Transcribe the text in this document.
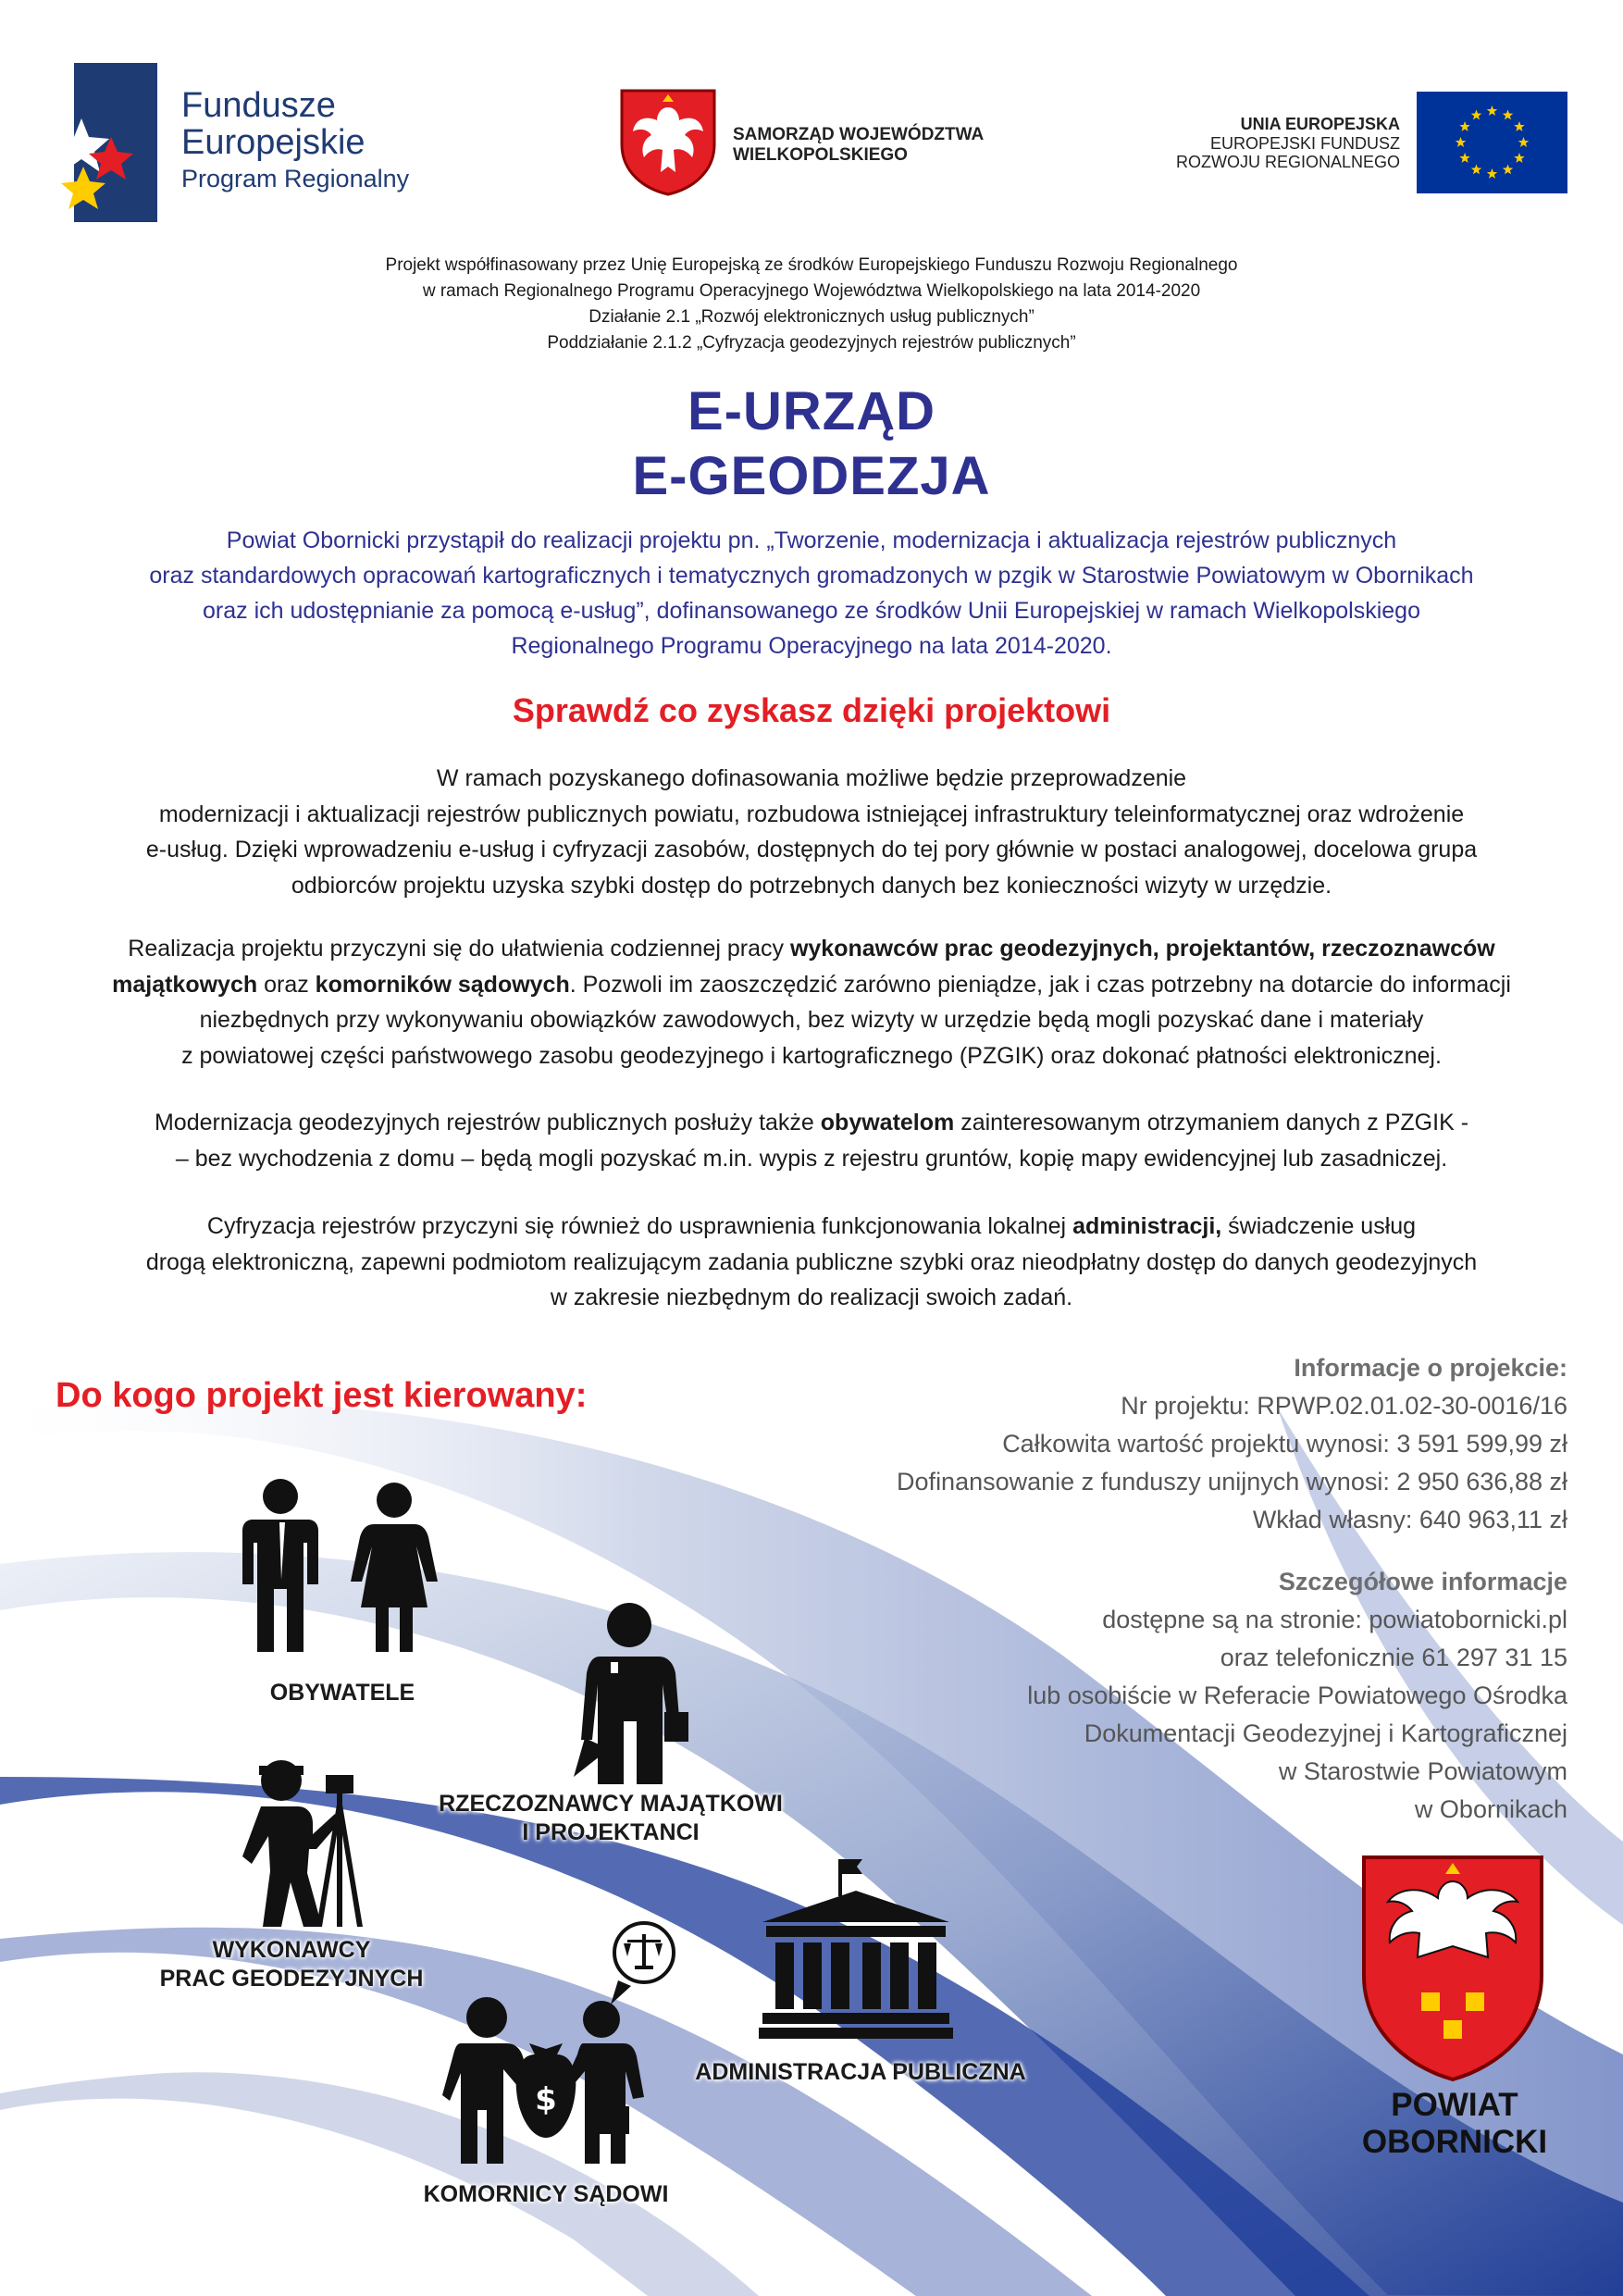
Fundusze
Europejskie
Program Regionalny
SAMORZĄD WOJEWÓDZTWA
WIELKOPOLSKIEGO
UNIA EUROPEJSKA
EUROPEJSKI FUNDUSZ
ROZWOJU REGIONALNEGO
Projekt współfinasowany przez Unię Europejską ze środków Europejskiego Funduszu Rozwoju Regionalnego
w ramach Regionalnego Programu Operacyjnego Województwa Wielkopolskiego na lata 2014-2020
Działanie 2.1 „Rozwój elektronicznych usług publicznych”
Poddziałanie 2.1.2 „Cyfryzacja geodezyjnych rejestrów publicznych”
E-URZĄD
E-GEODEZJA
Powiat Obornicki przystąpił do realizacji projektu pn. „Tworzenie, modernizacja i aktualizacja rejestrów publicznych
oraz standardowych opracowań kartograficznych i tematycznych gromadzonych w pzgik w Starostwie Powiatowym w Obornikach
oraz ich udostępnianie za pomocą e-usług”, dofinansowanego ze środków Unii Europejskiej w ramach Wielkopolskiego
Regionalnego Programu Operacyjnego na lata 2014-2020.
Sprawdź co zyskasz dzięki projektowi
W ramach pozyskanego dofinasowania możliwe będzie przeprowadzenie
modernizacji i aktualizacji rejestrów publicznych powiatu, rozbudowa istniejącej infrastruktury teleinformatycznej oraz wdrożenie
e-usług. Dzięki wprowadzeniu e-usług i cyfryzacji zasobów, dostępnych do tej pory głównie w postaci analogowej, docelowa grupa
odbiorców projektu uzyska szybki dostęp do potrzebnych danych bez konieczności wizyty w urzędzie.
Realizacja projektu przyczyni się do ułatwienia codziennej pracy wykonawców prac geodezyjnych, projektantów, rzeczoznawców
majątkowych oraz komorników sądowych. Pozwoli im zaoszczędzić zarówno pieniądze, jak i czas potrzebny na dotarcie do informacji
niezbędnych przy wykonywaniu obowiązków zawodowych, bez wizyty w urzędzie będą mogli pozyskać dane i materiały
z powiatowej części państwowego zasobu geodezyjnego i kartograficznego (PZGIK) oraz dokonać płatności elektronicznej.
Modernizacja geodezyjnych rejestrów publicznych posłuży także obywatelom zainteresowanym otrzymaniem danych z PZGIK -
– bez wychodzenia z domu – będą mogli pozyskać m.in. wypis z rejestru gruntów, kopię mapy ewidencyjnej lub zasadniczej.
Cyfryzacja rejestrów przyczyni się również do usprawnienia funkcjonowania lokalnej administracji, świadczenie usług
drogą elektroniczną, zapewni podmiotom realizującym zadania publiczne szybki oraz nieodpłatny dostęp do danych geodezyjnych
w zakresie niezbędnym do realizacji swoich zadań.
Do kogo projekt jest kierowany:
Informacje o projekcie:
Nr projektu: RPWP.02.01.02-30-0016/16
Całkowita wartość projektu wynosi: 3 591 599,99 zł
Dofinansowanie z funduszy unijnych wynosi: 2 950 636,88 zł
Wkład własny: 640 963,11 zł
Szczegółowe informacje
dostępne są na stronie: powiatobornicki.pl
oraz telefonicznie 61 297 31 15
lub osobiście w Referacie Powiatowego Ośrodka
Dokumentacji Geodezyjnej i Kartograficznej
w Starostwie Powiatowym
w Obornikach
OBYWATELE
RZECZOZNAWCY MAJĄTKOWI
I PROJEKTANCI
WYKONAWCY
PRAC GEODEZYJNYCH
ADMINISTRACJA PUBLICZNA
$
KOMORNICY SĄDOWI
POWIAT
OBORNICKI
